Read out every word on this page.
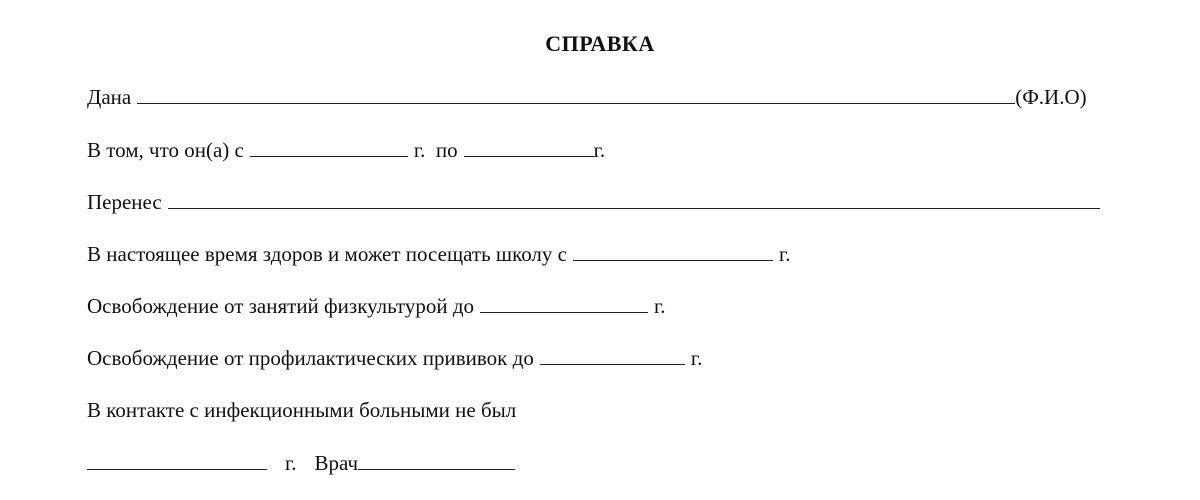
СПРАВКА
Дана	(Ф.И.О)
В том, что он(а) с	г.  по	г.
Перенес
В настоящее время здоров и может посещать школу с	г.
Освобождение от занятий физкультурой до	г.
Освобождение от профилактических прививок до	г.
В контакте с инфекционными больными не был
г. Врач
